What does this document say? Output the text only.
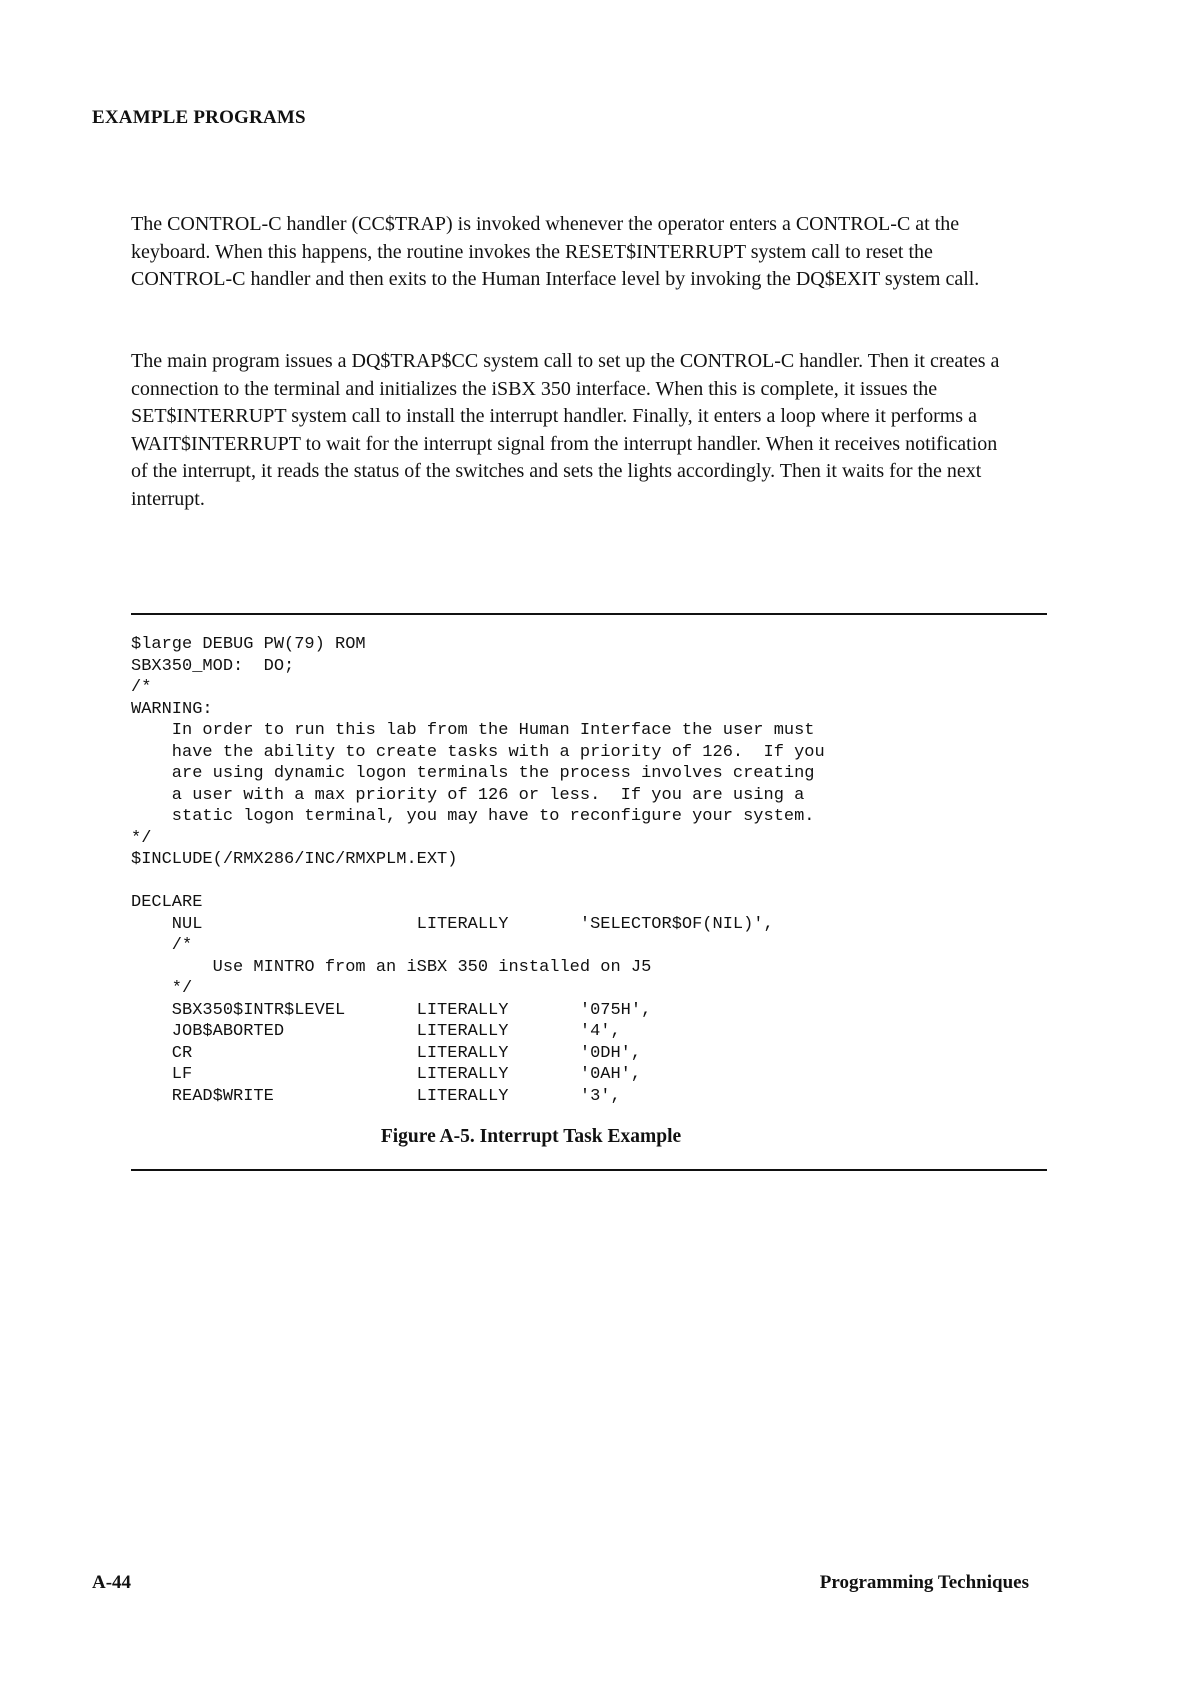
EXAMPLE PROGRAMS

The CONTROL-C handler (CC$TRAP) is invoked whenever the operator enters a CONTROL-C at the keyboard. When this happens, the routine invokes the RESET$INTERRUPT system call to reset the CONTROL-C handler and then exits to the Human Interface level by invoking the DQ$EXIT system call.

The main program issues a DQ$TRAP$CC system call to set up the CONTROL-C handler. Then it creates a connection to the terminal and initializes the iSBX 350 interface. When this is complete, it issues the SET$INTERRUPT system call to install the interrupt handler. Finally, it enters a loop where it performs a WAIT$INTERRUPT to wait for the interrupt signal from the interrupt handler. When it receives notification of the interrupt, it reads the status of the switches and sets the lights accordingly. Then it waits for the next interrupt.

$large DEBUG PW(79) ROM
SBX350_MOD:  DO;
/*
WARNING:
In order to run this lab from the Human Interface the user must
have the ability to create tasks with a priority of 126.  If you
are using dynamic logon terminals the process involves creating
a user with a max priority of 126 or less.  If you are using a
static logon terminal, you may have to reconfigure your system.
*/
$INCLUDE(/RMX286/INC/RMXPLM.EXT)
DECLARE
NUL                     LITERALLY       'SELECTOR$OF(NIL)',
/*
Use MINTRO from an iSBX 350 installed on J5
*/
SBX350$INTR$LEVEL       LITERALLY       '075H',
JOB$ABORTED             LITERALLY       '4',
CR                      LITERALLY       '0DH',
LF                      LITERALLY       '0AH',
READ$WRITE              LITERALLY       '3',
Figure A-5. Interrupt Task Example
A-44	Programming Techniques
